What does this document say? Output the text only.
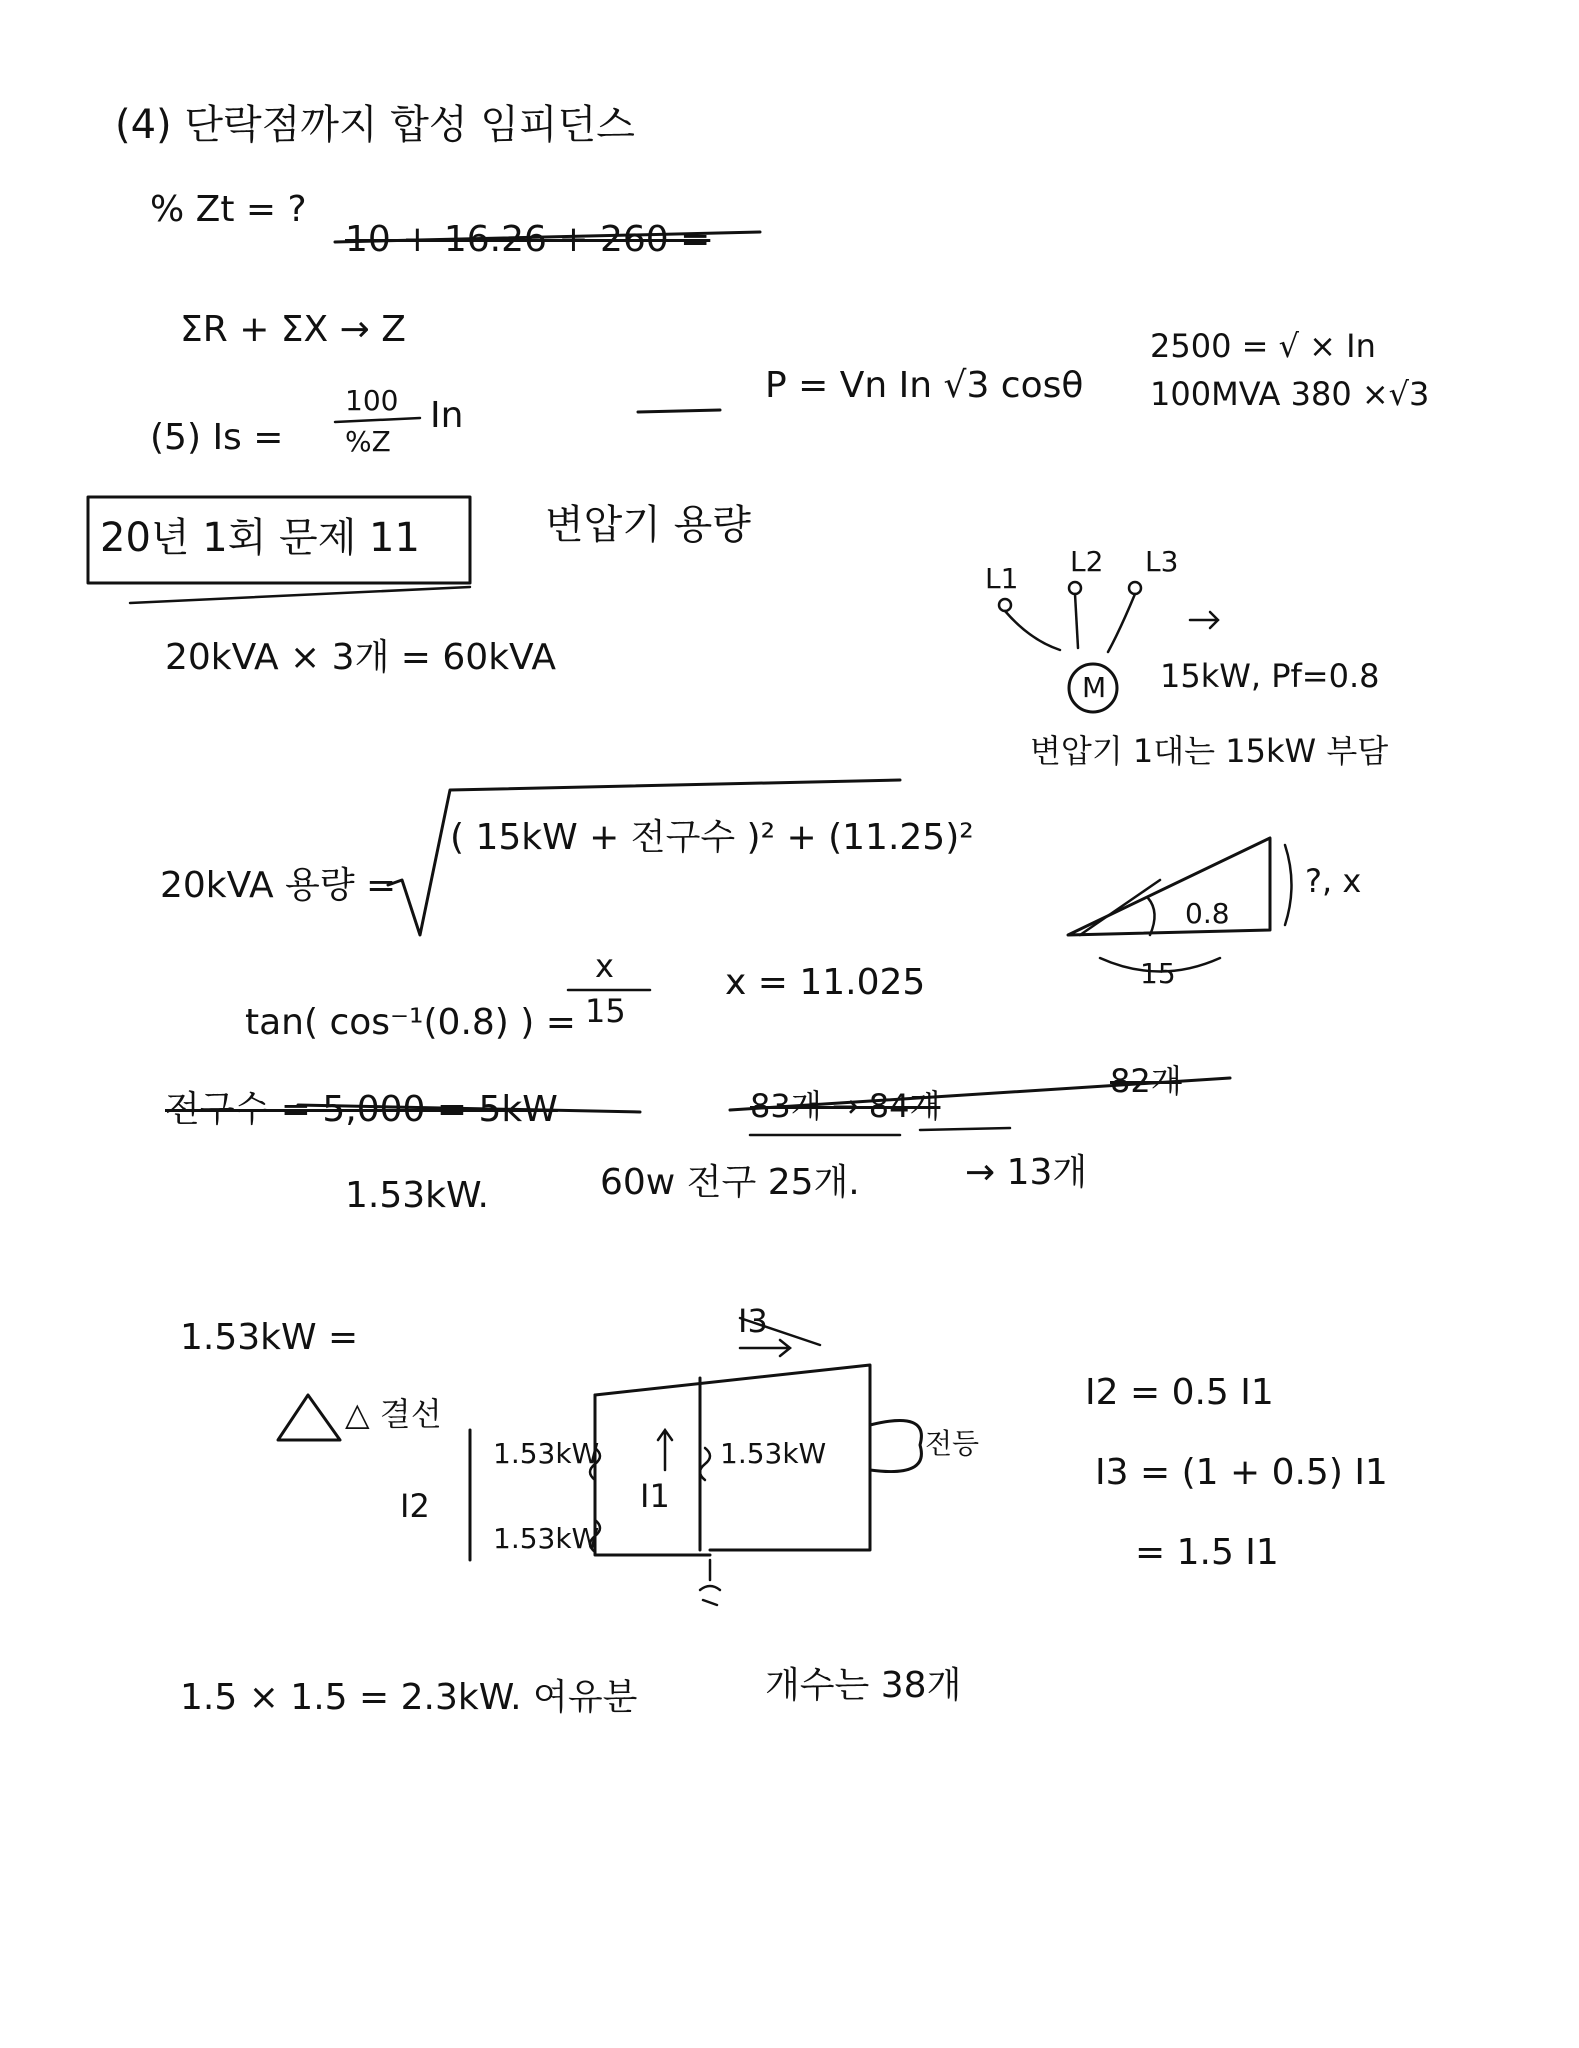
(4) 단락점까지 합성 임피던스
% Zt = ?
10 + 16.26 + 260 =
ΣR + ΣX → Z
(5) Is =
100
%Z
In
P = Vn In √3 cosθ
2500 = √ × In
100MVA 380 ×√3
20년 1회 문제 11	변압기 용량
20kVA × 3개 = 60kVA
L1
L2 L3
M 15kW, Pf=0.8
변압기 1대는 15kW 부담
20kVA 용량 =
( 15kW + 전구수 )² + (11.25)²
tan( cos⁻¹(0.8) ) =
x
15
x = 11.025
0.8
15
?, x
전구수 = 5,000 = 5kW	83개 → 84개
82개
1.53kW.	60w 전구 25개.	→ 13개
1.53kW =
△ 결선
1.53kW
1.53kW
1.53kW	전등
I1
I2
I3
I2 = 0.5 I1
I3 = (1 + 0.5) I1
= 1.5 I1
1.5 × 1.5 = 2.3kW. 여유분	개수는 38개
